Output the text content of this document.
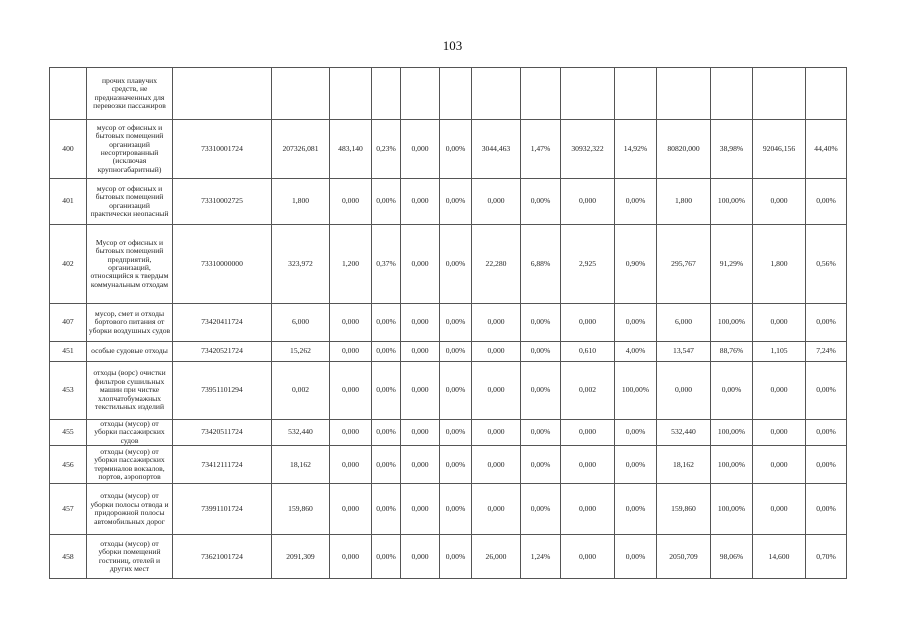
103
	прочих плавучих средств, не предназначенных для перевозки пассажиров														
400	мусор от офисных и бытовых помещений организаций несортированный (исключая крупногабаритный)	73310001724	207326,081	483,140	0,23%	0,000	0,00%	3044,463	1,47%	30932,322	14,92%	80820,000	38,98%	92046,156	44,40%
401	мусор от офисных и бытовых помещений организаций практически неопасный	73310002725	1,800	0,000	0,00%	0,000	0,00%	0,000	0,00%	0,000	0,00%	1,800	100,00%	0,000	0,00%
402	Мусор от офисных и бытовых помещений предприятий, организаций, относящийся к твердым коммунальным отходам	73310000000	323,972	1,200	0,37%	0,000	0,00%	22,280	6,88%	2,925	0,90%	295,767	91,29%	1,800	0,56%
407	мусор, смет и отходы бортового питания от уборки воздушных судов	73420411724	6,000	0,000	0,00%	0,000	0,00%	0,000	0,00%	0,000	0,00%	6,000	100,00%	0,000	0,00%
451	особые судовые отходы	73420521724	15,262	0,000	0,00%	0,000	0,00%	0,000	0,00%	0,610	4,00%	13,547	88,76%	1,105	7,24%
453	отходы (ворс) очистки фильтров сушильных машин при чистке хлопчатобумажных текстильных изделий	73951101294	0,002	0,000	0,00%	0,000	0,00%	0,000	0,00%	0,002	100,00%	0,000	0,00%	0,000	0,00%
455	отходы (мусор) от уборки пассажирских судов	73420511724	532,440	0,000	0,00%	0,000	0,00%	0,000	0,00%	0,000	0,00%	532,440	100,00%	0,000	0,00%
456	отходы (мусор) от уборки пассажирских терминалов вокзалов, портов, аэропортов	73412111724	18,162	0,000	0,00%	0,000	0,00%	0,000	0,00%	0,000	0,00%	18,162	100,00%	0,000	0,00%
457	отходы (мусор) от уборки полосы отвода и придорожной полосы автомобильных дорог	73991101724	159,860	0,000	0,00%	0,000	0,00%	0,000	0,00%	0,000	0,00%	159,860	100,00%	0,000	0,00%
458	отходы (мусор) от уборки помещений гостиниц, отелей и других мест	73621001724	2091,309	0,000	0,00%	0,000	0,00%	26,000	1,24%	0,000	0,00%	2050,709	98,06%	14,600	0,70%
